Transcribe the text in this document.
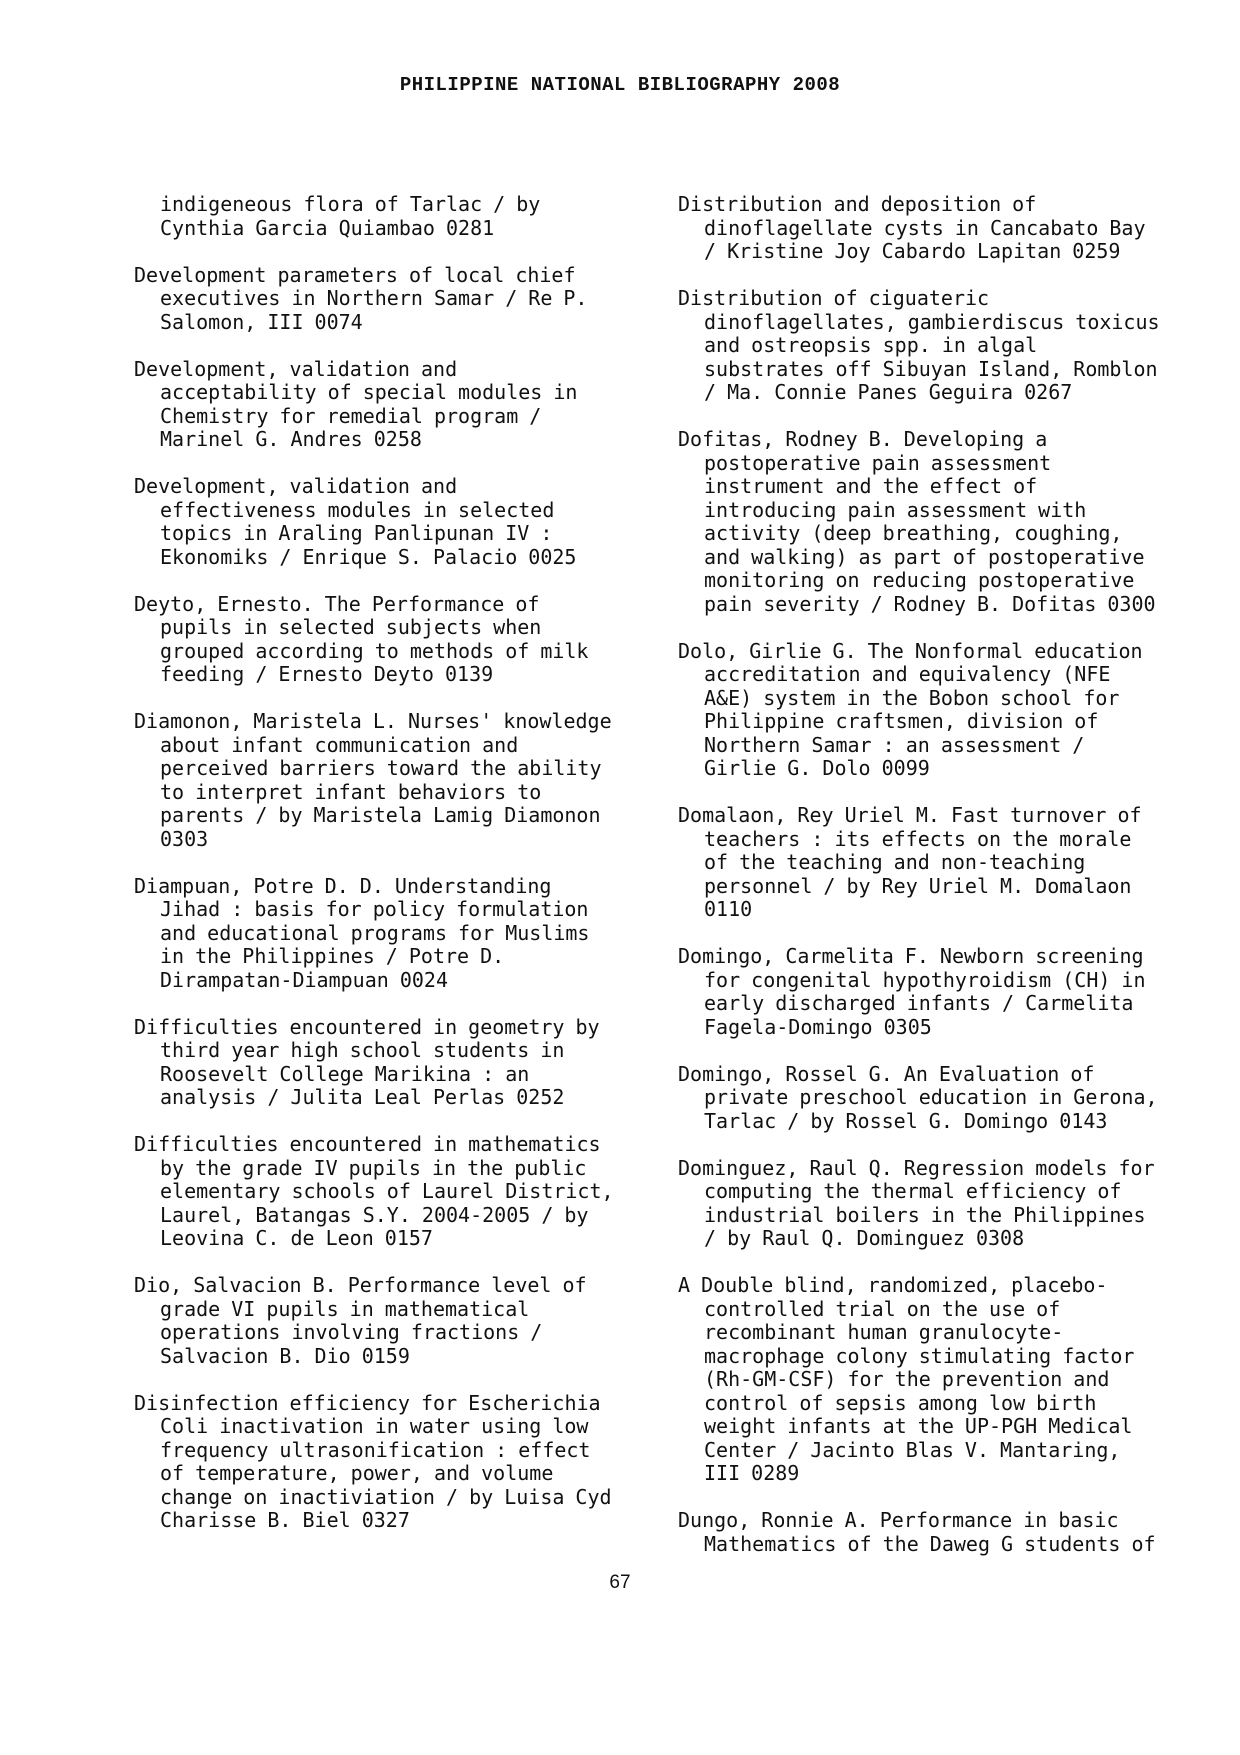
PHILIPPINE NATIONAL BIBLIOGRAPHY 2008
indigeneous flora of Tarlac / by
Cynthia Garcia Quiambao 0281
Development parameters of local chief
executives in Northern Samar / Re P.
Salomon, III 0074
Development, validation and
acceptability of special modules in
Chemistry for remedial program /
Marinel G. Andres 0258
Development, validation and
effectiveness modules in selected
topics in Araling Panlipunan IV :
Ekonomiks / Enrique S. Palacio 0025
Deyto, Ernesto. The Performance of
pupils in selected subjects when
grouped according to methods of milk
feeding / Ernesto Deyto 0139
Diamonon, Maristela L. Nurses' knowledge
about infant communication and
perceived barriers toward the ability
to interpret infant behaviors to
parents / by Maristela Lamig Diamonon
0303
Diampuan, Potre D. D. Understanding
Jihad : basis for policy formulation
and educational programs for Muslims
in the Philippines / Potre D.
Dirampatan-Diampuan 0024
Difficulties encountered in geometry by
third year high school students in
Roosevelt College Marikina : an
analysis / Julita Leal Perlas 0252
Difficulties encountered in mathematics
by the grade IV pupils in the public
elementary schools of Laurel District,
Laurel, Batangas S.Y. 2004-2005 / by
Leovina C. de Leon 0157
Dio, Salvacion B. Performance level of
grade VI pupils in mathematical
operations involving fractions /
Salvacion B. Dio 0159
Disinfection efficiency for Escherichia
Coli inactivation in water using low
frequency ultrasonification : effect
of temperature, power, and volume
change on inactiviation / by Luisa Cyd
Charisse B. Biel 0327
Distribution and deposition of
dinoflagellate cysts in Cancabato Bay
/ Kristine Joy Cabardo Lapitan 0259
Distribution of ciguateric
dinoflagellates, gambierdiscus toxicus
and ostreopsis spp. in algal
substrates off Sibuyan Island, Romblon
/ Ma. Connie Panes Geguira 0267
Dofitas, Rodney B. Developing a
postoperative pain assessment
instrument and the effect of
introducing pain assessment with
activity (deep breathing, coughing,
and walking) as part of postoperative
monitoring on reducing postoperative
pain severity / Rodney B. Dofitas 0300
Dolo, Girlie G. The Nonformal education
accreditation and equivalency (NFE
A&E) system in the Bobon school for
Philippine craftsmen, division of
Northern Samar : an assessment /
Girlie G. Dolo 0099
Domalaon, Rey Uriel M. Fast turnover of
teachers : its effects on the morale
of the teaching and non-teaching
personnel / by Rey Uriel M. Domalaon
0110
Domingo, Carmelita F. Newborn screening
for congenital hypothyroidism (CH) in
early discharged infants / Carmelita
Fagela-Domingo 0305
Domingo, Rossel G. An Evaluation of
private preschool education in Gerona,
Tarlac / by Rossel G. Domingo 0143
Dominguez, Raul Q. Regression models for
computing the thermal efficiency of
industrial boilers in the Philippines
/ by Raul Q. Dominguez 0308
A Double blind, randomized, placebo-
controlled trial on the use of
recombinant human granulocyte-
macrophage colony stimulating factor
(Rh-GM-CSF) for the prevention and
control of sepsis among low birth
weight infants at the UP-PGH Medical
Center / Jacinto Blas V. Mantaring,
III 0289
Dungo, Ronnie A. Performance in basic
Mathematics of the Daweg G students of
67
